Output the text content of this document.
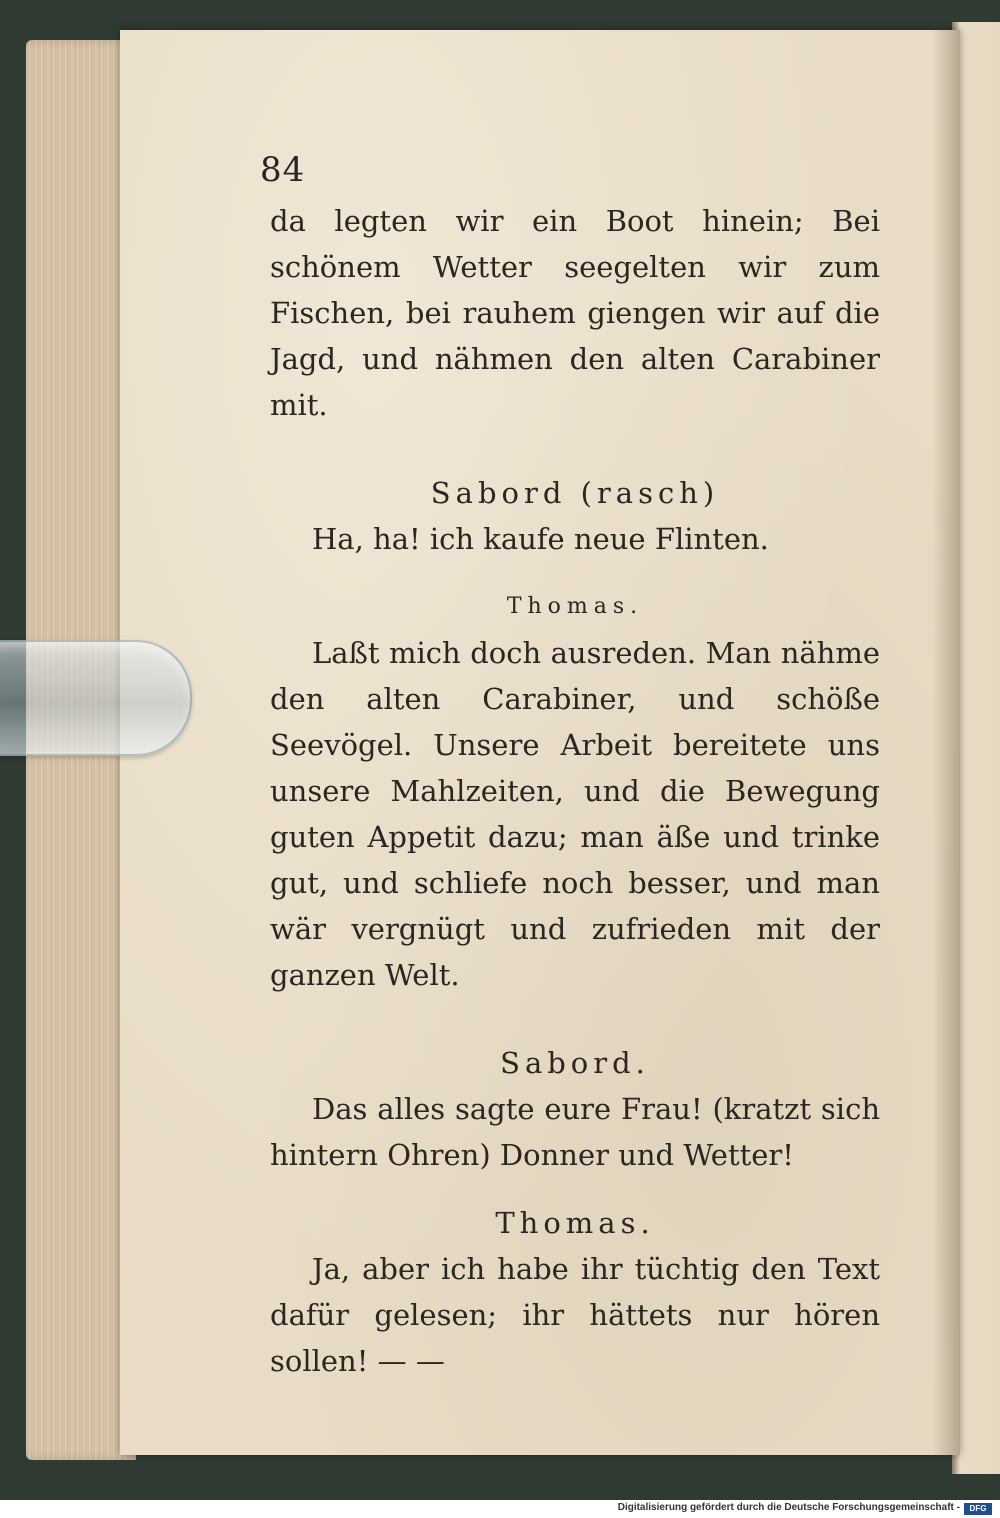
84

da legten wir ein Boot hinein; Bei schönem Wetter seegelten wir zum Fischen, bei rauhem giengen wir auf die Jagd, und nähmen den alten Carabiner mit.

Sabord (rasch)

Ha, ha! ich kaufe neue Flinten.

Thomas.

Laßt mich doch ausreden. Man nähme den alten Carabiner, und schöße Seevögel. Unsere Arbeit bereitete uns unsere Mahlzeiten, und die Bewegung guten Appetit dazu; man äße und trinke gut, und schliefe noch besser, und man wär vergnügt und zufrieden mit der ganzen Welt.

Sabord.

Das alles sagte eure Frau! (kratzt sich hintern Ohren) Donner und Wetter!

Thomas.

Ja, aber ich habe ihr tüchtig den Text dafür gelesen; ihr hättets nur hören sollen! — —

Digitalisierung gefördert durch die Deutsche Forschungsgemeinschaft -	DFG
